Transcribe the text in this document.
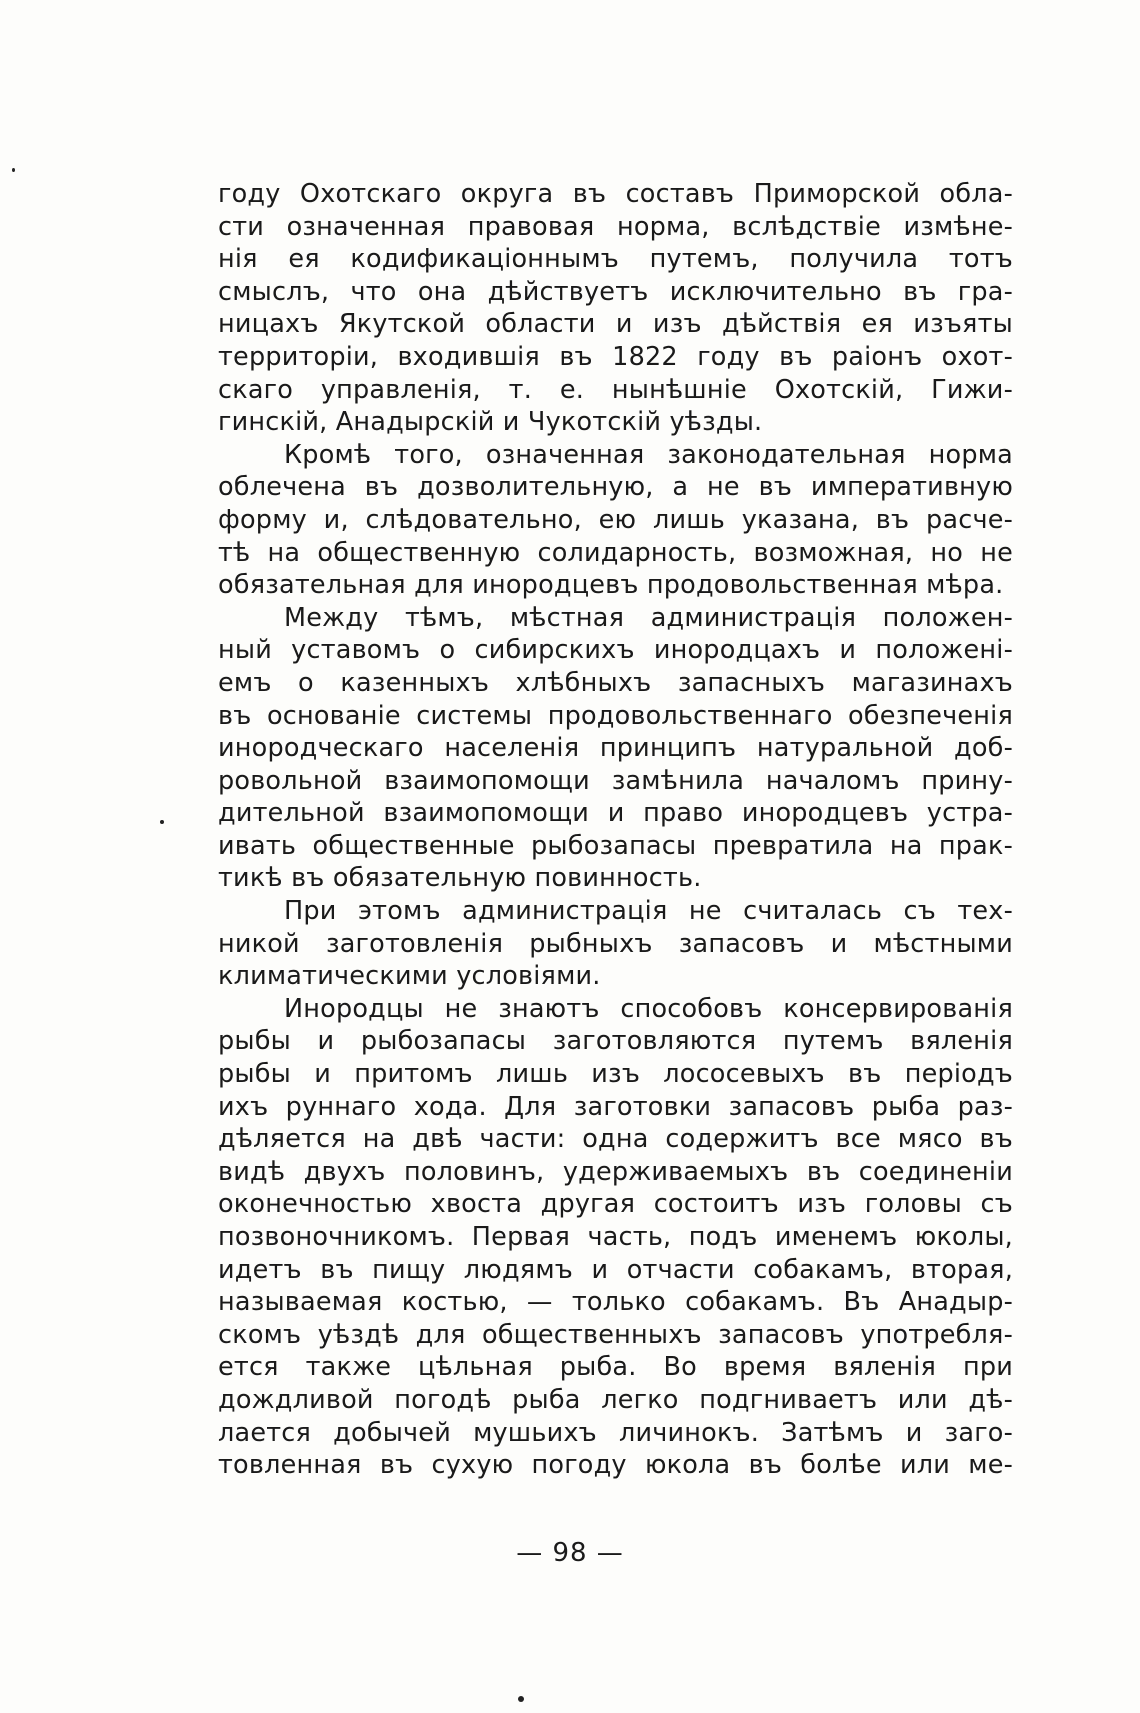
году Охотскаго округа въ составъ Приморской обла-
сти означенная правовая норма, вслѣдствіе измѣне-
нія ея кодификаціоннымъ путемъ, получила тотъ
смыслъ, что она дѣйствуетъ исключительно въ гра-
ницахъ Якутской области и изъ дѣйствія ея изъяты
территоріи, входившія въ 1822 году въ раіонъ охот-
скаго управленія, т. е. нынѣшніе Охотскій, Гижи-
гинскій, Анадырскій и Чукотскій уѣзды.
Кромѣ того, означенная законодательная норма
облечена въ дозволительную, а не въ императивную
форму и, слѣдовательно, ею лишь указана, въ расче-
тѣ на общественную солидарность, возможная, но не
обязательная для инородцевъ продовольственная мѣра.
Между тѣмъ, мѣстная администрація положен-
ный уставомъ о сибирскихъ инородцахъ и положені-
емъ о казенныхъ хлѣбныхъ запасныхъ магазинахъ
въ основаніе системы продовольственнаго обезпеченія
инородческаго населенія принципъ натуральной доб-
ровольной взаимопомощи замѣнила началомъ прину-
дительной взаимопомощи и право инородцевъ устра-
ивать общественные рыбозапасы превратила на прак-
тикѣ въ обязательную повинность.
При этомъ администрація не считалась съ тех-
никой заготовленія рыбныхъ запасовъ и мѣстными
климатическими условіями.
Инородцы не знаютъ способовъ консервированія
рыбы и рыбозапасы заготовляются путемъ вяленія
рыбы и притомъ лишь изъ лососевыхъ въ періодъ
ихъ руннаго хода. Для заготовки запасовъ рыба раз-
дѣляется на двѣ части: одна содержитъ все мясо въ
видѣ двухъ половинъ, удерживаемыхъ въ соединеніи
оконечностью хвоста другая состоитъ изъ головы съ
позвоночникомъ. Первая часть, подъ именемъ юколы,
идетъ въ пищу людямъ и отчасти собакамъ, вторая,
называемая костью, — только собакамъ. Въ Анадыр-
скомъ уѣздѣ для общественныхъ запасовъ употребля-
ется также цѣльная рыба. Во время вяленія при
дождливой погодѣ рыба легко подгниваетъ или дѣ-
лается добычей мушьихъ личинокъ. Затѣмъ и заго-
товленная въ сухую погоду юкола въ болѣе или ме-
— 98 —
